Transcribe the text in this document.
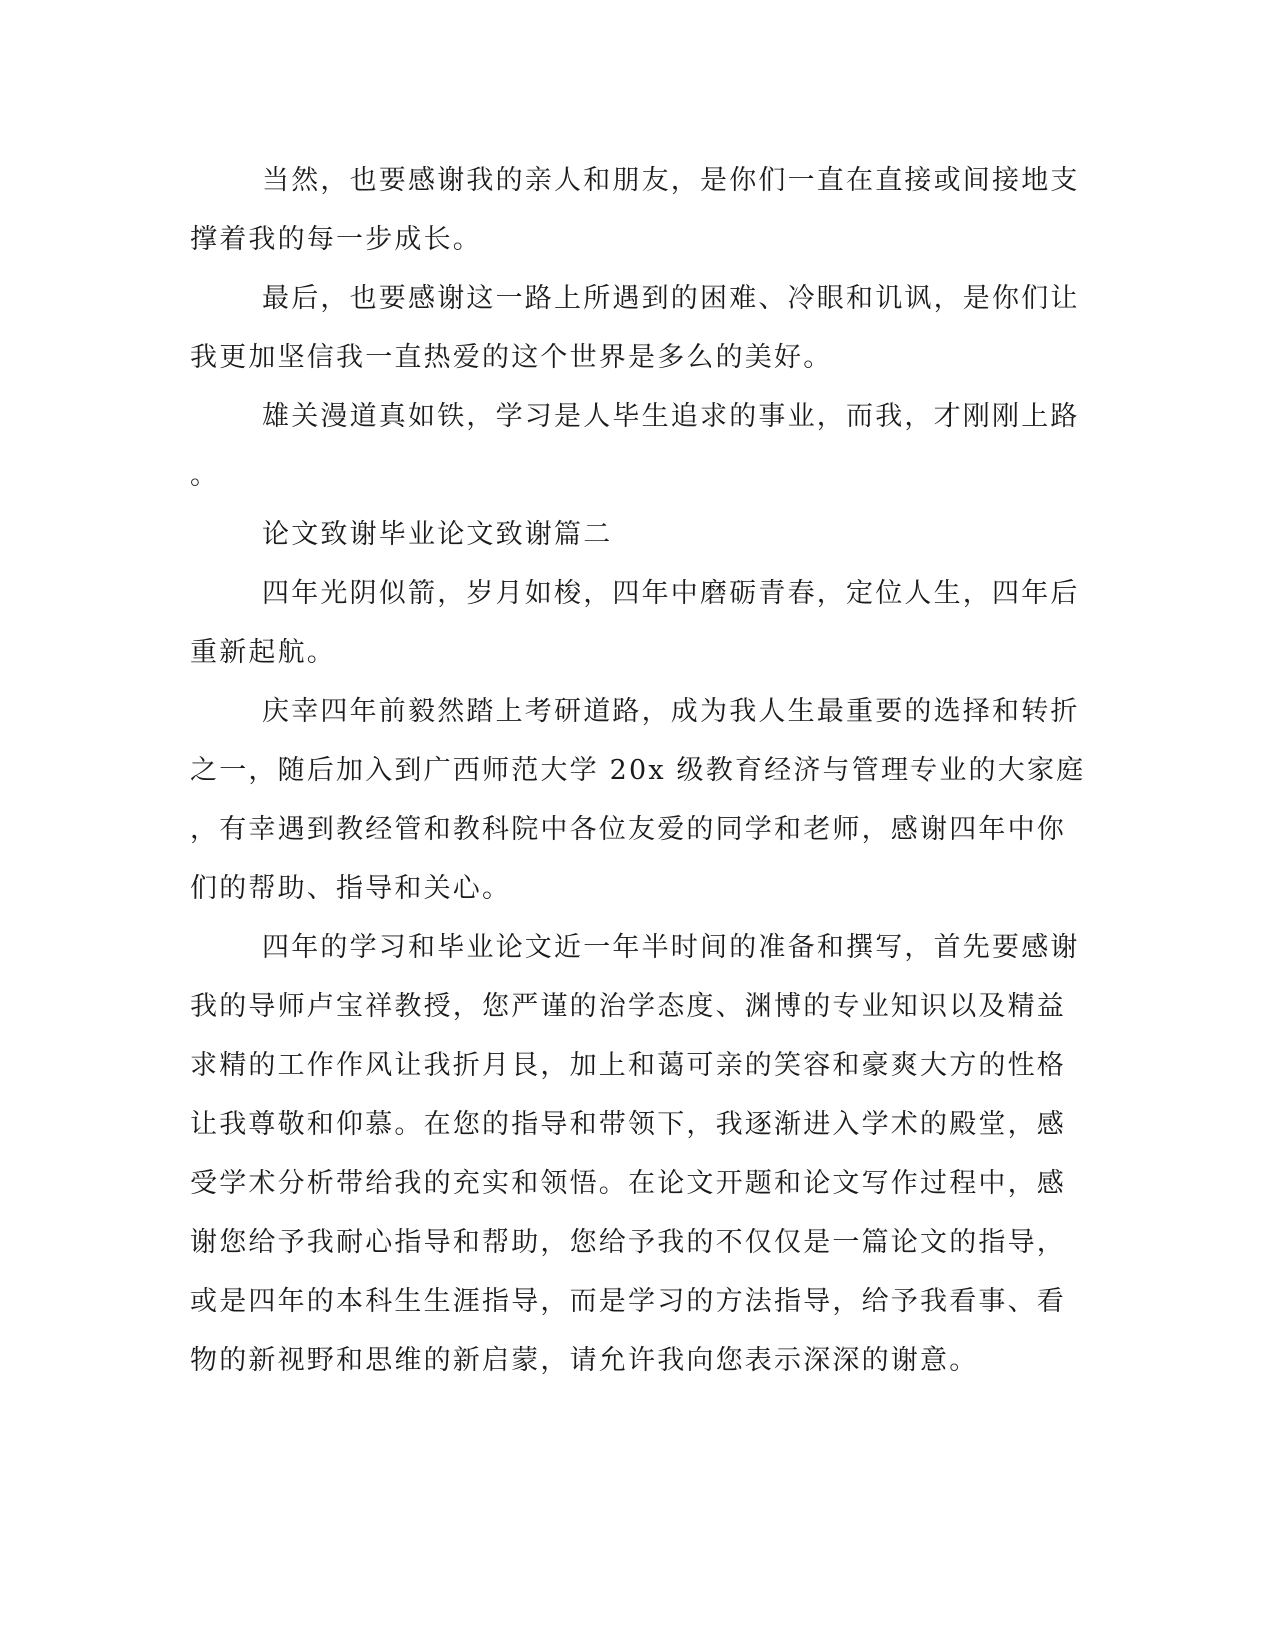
当然，也要感谢我的亲人和朋友，是你们一直在直接或间接地支
撑着我的每一步成长。
最后，也要感谢这一路上所遇到的困难、冷眼和讥讽，是你们让
我更加坚信我一直热爱的这个世界是多么的美好。
雄关漫道真如铁，学习是人毕生追求的事业，而我，才刚刚上路
。
论文致谢毕业论文致谢篇二
四年光阴似箭，岁月如梭，四年中磨砺青春，定位人生，四年后
重新起航。
庆幸四年前毅然踏上考研道路，成为我人生最重要的选择和转折
之一，随后加入到广西师范大学 20x 级教育经济与管理专业的大家庭
，有幸遇到教经管和教科院中各位友爱的同学和老师，感谢四年中你
们的帮助、指导和关心。
四年的学习和毕业论文近一年半时间的准备和撰写，首先要感谢
我的导师卢宝祥教授，您严谨的治学态度、渊博的专业知识以及精益
求精的工作作风让我折月艮，加上和蔼可亲的笑容和豪爽大方的性格
让我尊敬和仰慕。在您的指导和带领下，我逐渐进入学术的殿堂，感
受学术分析带给我的充实和领悟。在论文开题和论文写作过程中，感
谢您给予我耐心指导和帮助，您给予我的不仅仅是一篇论文的指导，
或是四年的本科生生涯指导，而是学习的方法指导，给予我看事、看
物的新视野和思维的新启蒙，请允许我向您表示深深的谢意。
